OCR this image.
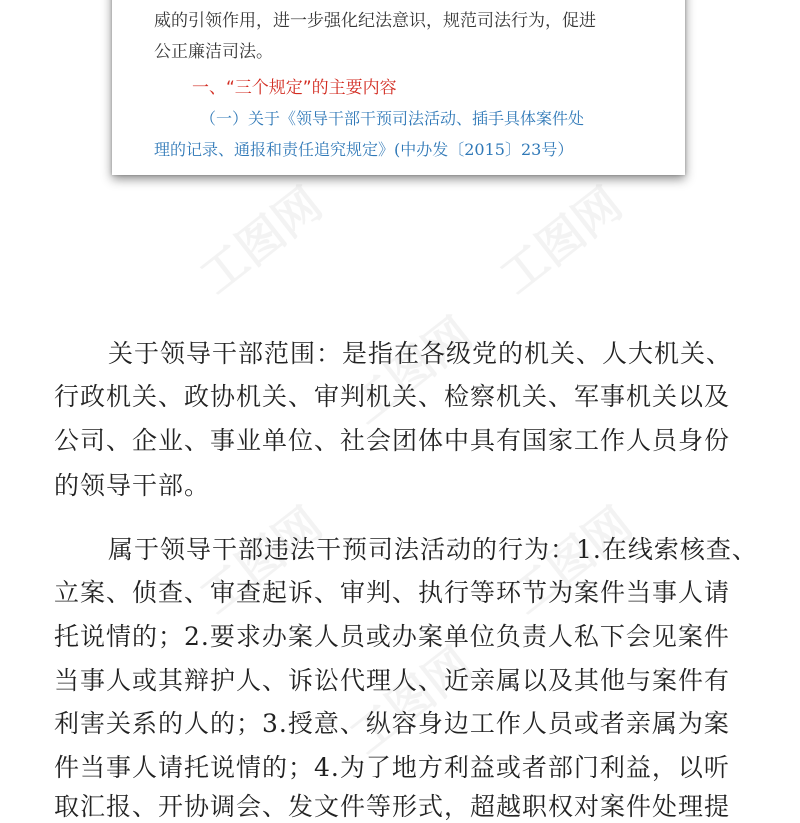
工图网	工图网
工图网
工图网	工图网
工图网
威的引领作用，进一步强化纪法意识，规范司法行为，促进
公正廉洁司法。
一、“三个规定”的主要内容
（一）关于《领导干部干预司法活动、插手具体案件处
理的记录、通报和责任追究规定》(中办发〔2015〕23号）
关于领导干部范围：是指在各级党的机关、人大机关、
行政机关、政协机关、审判机关、检察机关、军事机关以及
公司、企业、事业单位、社会团体中具有国家工作人员身份
的领导干部。
属于领导干部违法干预司法活动的行为：1.在线索核查、
立案、侦查、审查起诉、审判、执行等环节为案件当事人请
托说情的；2.要求办案人员或办案单位负责人私下会见案件
当事人或其辩护人、诉讼代理人、近亲属以及其他与案件有
利害关系的人的；3.授意、纵容身边工作人员或者亲属为案
件当事人请托说情的；4.为了地方利益或者部门利益，以听
取汇报、开协调会、发文件等形式，超越职权对案件处理提
